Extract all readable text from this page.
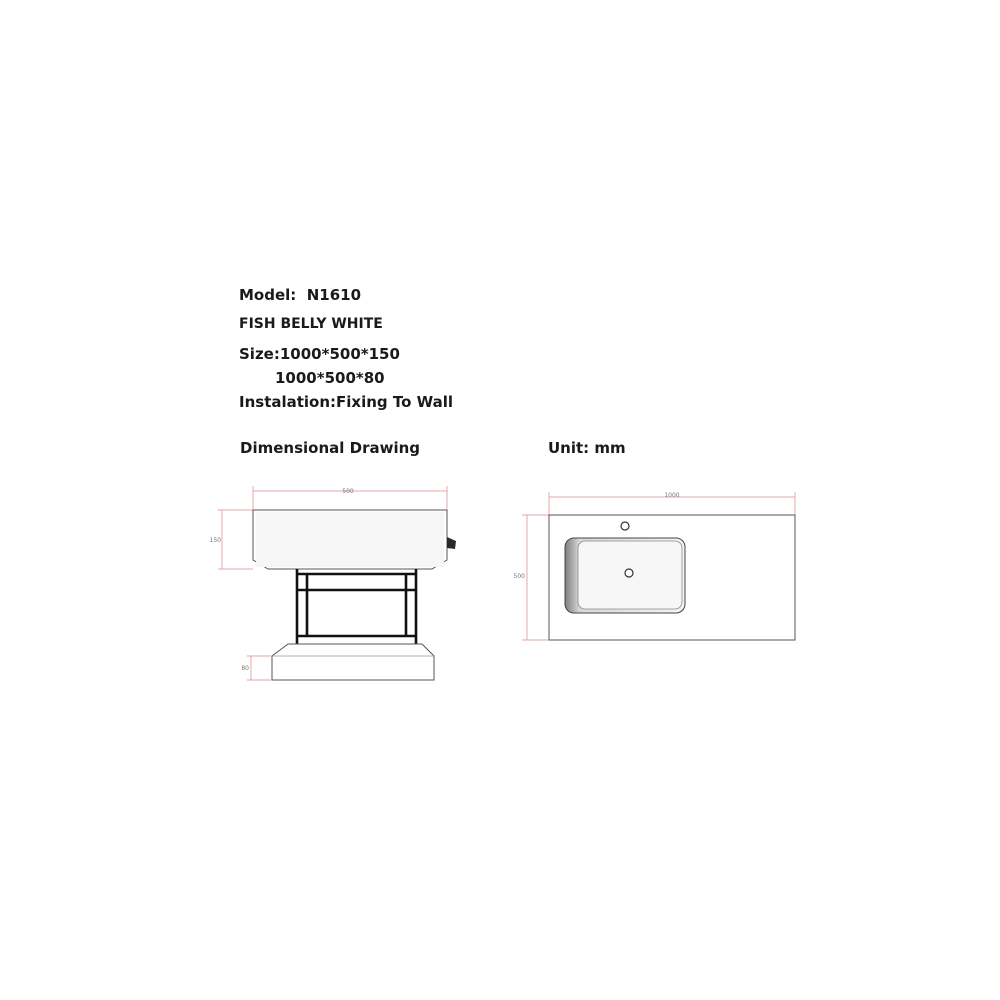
Model:  N1610
FISH BELLY WHITE
Size:1000*500*150
1000*500*80
Instalation:Fixing To Wall
Dimensional Drawing	Unit: mm
500
150
80
1000
500
